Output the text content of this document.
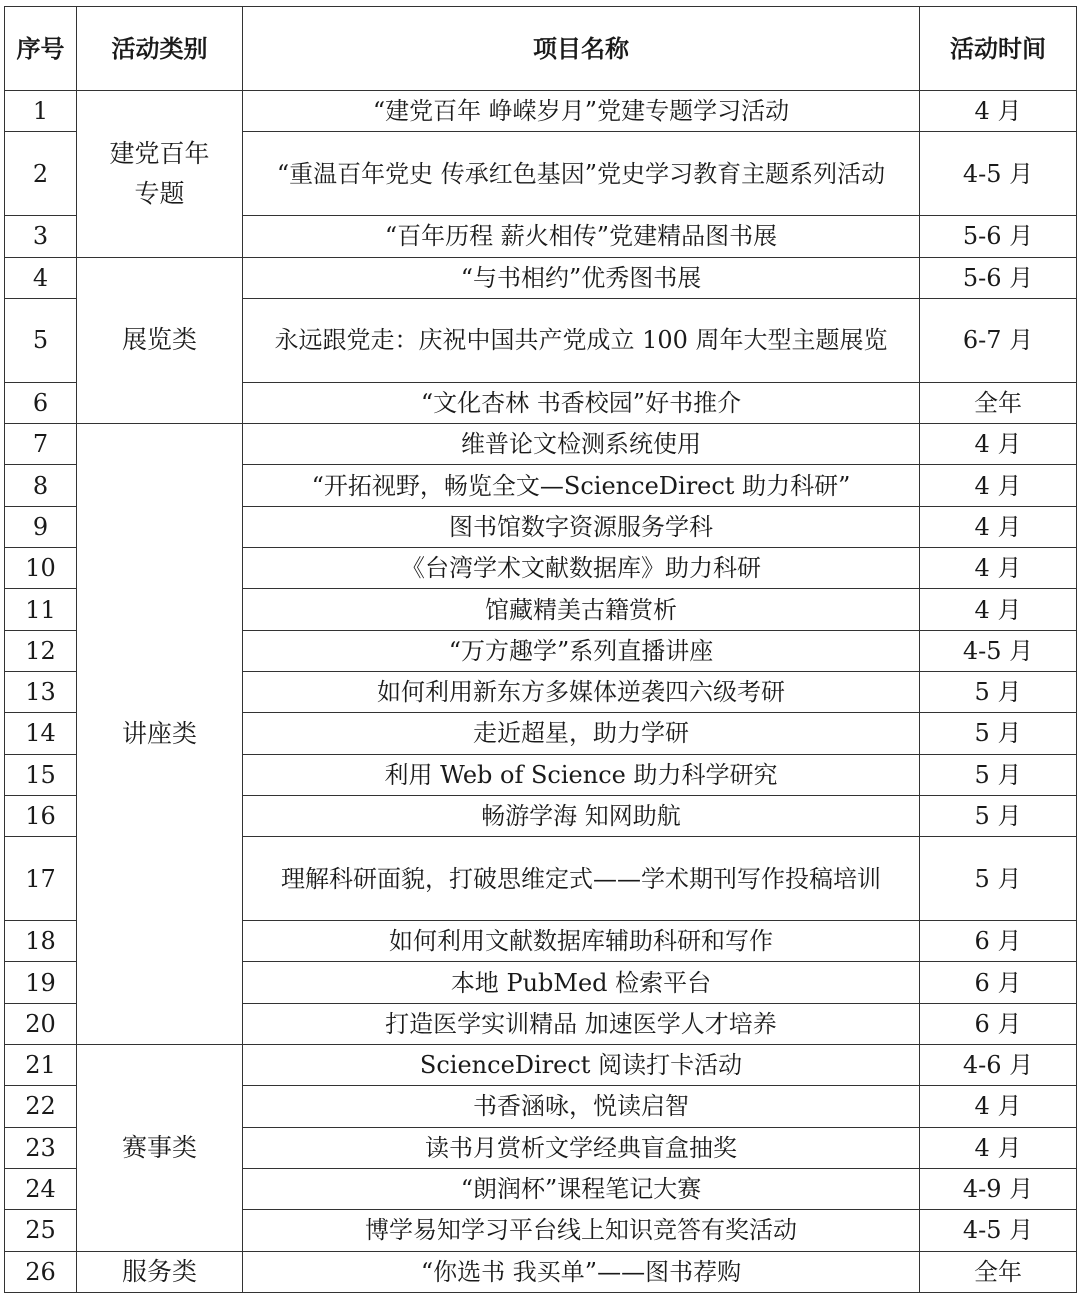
序号	活动类别	项目名称	活动时间
1	建党百年专题	“建党百年 峥嵘岁月”党建专题学习活动	4 月
2		“重温百年党史 传承红色基因”党史学习教育主题系列活动	4-5 月
3		“百年历程 薪火相传”党建精品图书展	5-6 月
4	展览类	“与书相约”优秀图书展	5-6 月
5		永远跟党走：庆祝中国共产党成立 100 周年大型主题展览	6-7 月
6		“文化杏林 书香校园”好书推介	全年
7	讲座类	维普论文检测系统使用	4 月
8		“开拓视野，畅览全文—ScienceDirect 助力科研”	4 月
9		图书馆数字资源服务学科	4 月
10		《台湾学术文献数据库》助力科研	4 月
11		馆藏精美古籍赏析	4 月
12		“万方趣学”系列直播讲座	4-5 月
13		如何利用新东方多媒体逆袭四六级考研	5 月
14		走近超星，助力学研	5 月
15		利用 Web of Science 助力科学研究	5 月
16		畅游学海 知网助航	5 月
17		理解科研面貌，打破思维定式——学术期刊写作投稿培训	5 月
18		如何利用文献数据库辅助科研和写作	6 月
19		本地 PubMed 检索平台	6 月
20		打造医学实训精品 加速医学人才培养	6 月
21	赛事类	ScienceDirect 阅读打卡活动	4-6 月
22		书香涵咏，悦读启智	4 月
23		读书月赏析文学经典盲盒抽奖	4 月
24		“朗润杯”课程笔记大赛	4-9 月
25		博学易知学习平台线上知识竞答有奖活动	4-5 月
26	服务类	“你选书 我买单”——图书荐购	全年
